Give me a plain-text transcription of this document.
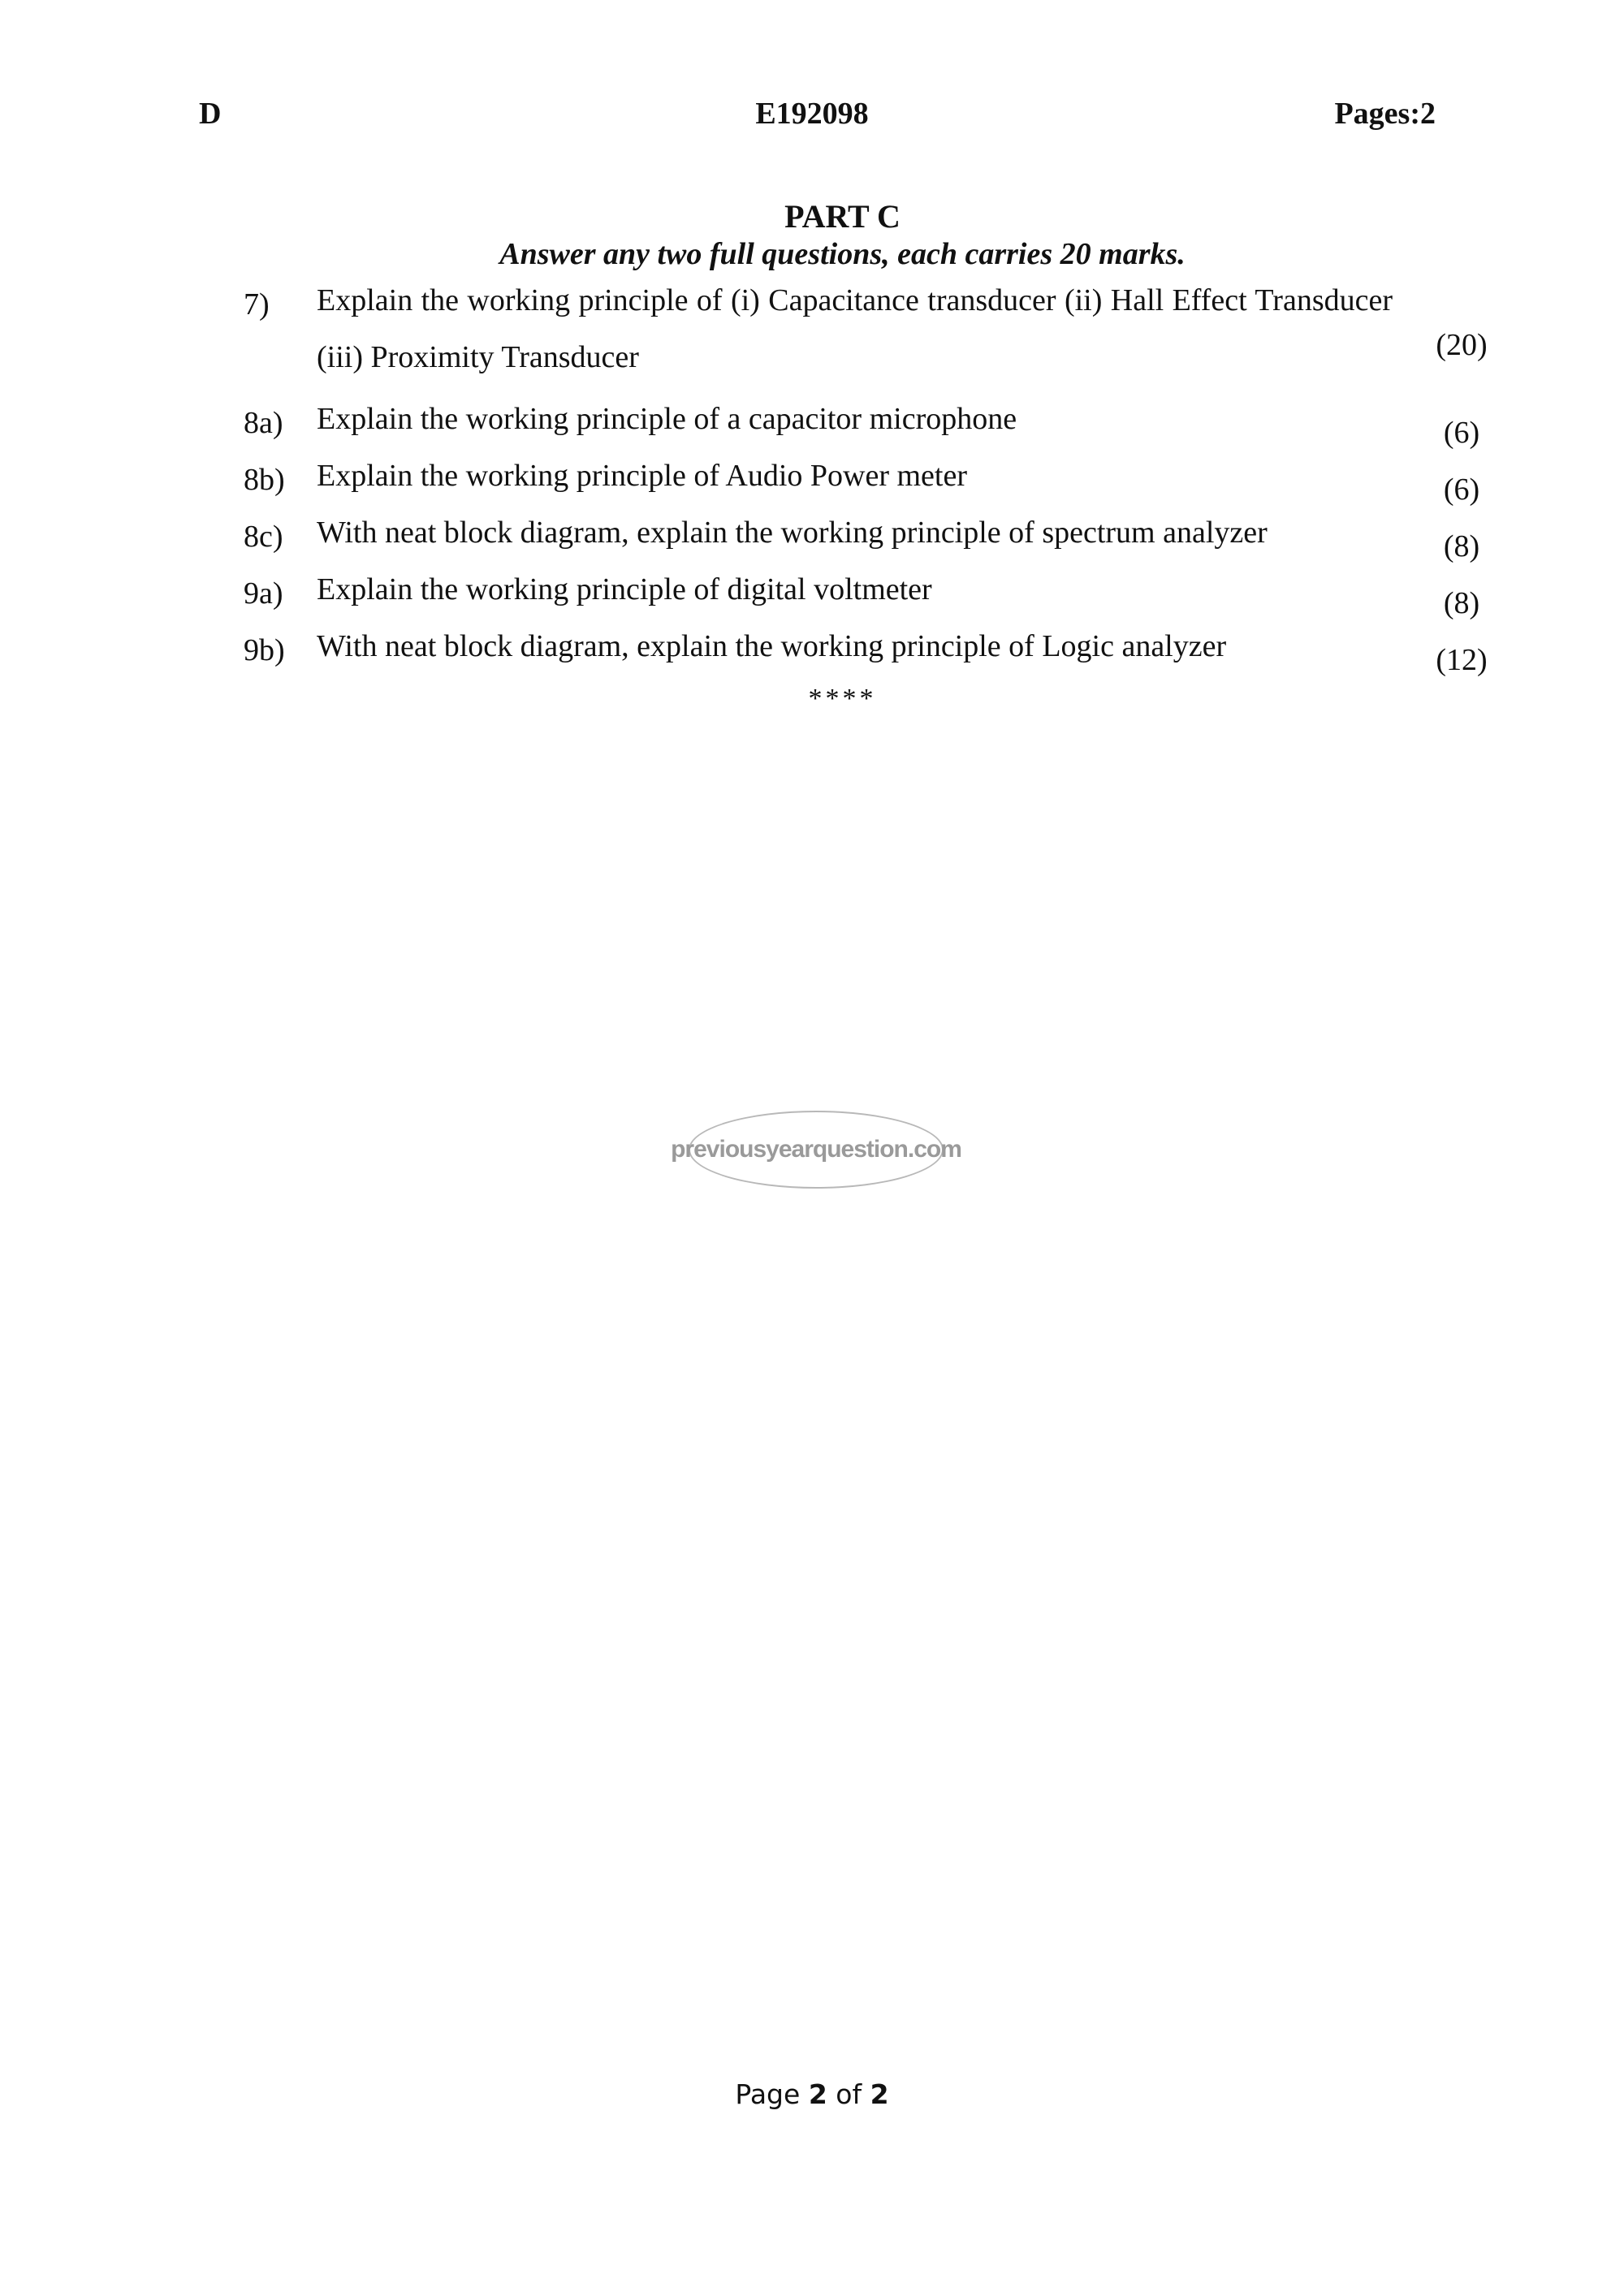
D	E192098	Pages:2
PART C
Answer any two full questions, each carries 20 marks.
7) Explain the working principle of (i) Capacitance transducer (ii) Hall Effect Transducer (iii) Proximity Transducer	(20)
8a) Explain the working principle of a capacitor microphone	(6)
8b) Explain the working principle of Audio Power meter	(6)
8c) With neat block diagram, explain the working principle of spectrum analyzer	(8)
9a) Explain the working principle of digital voltmeter	(8)
9b) With neat block diagram, explain the working principle of Logic analyzer	(12)
****
previousyearquestion.com
Page 2 of 2
